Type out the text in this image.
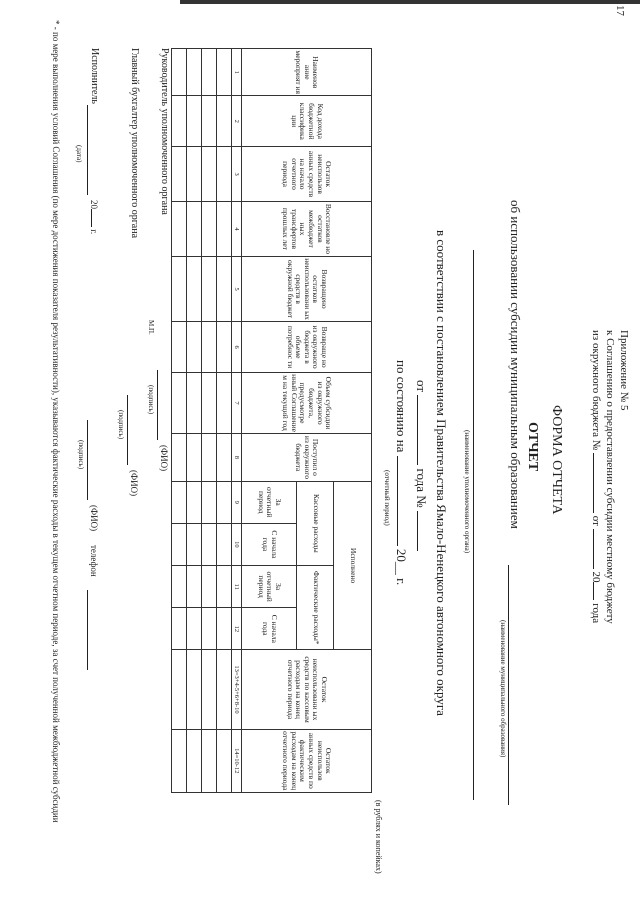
17
Приложение № 5
к Соглашению о предоставлении субсидии местному бюджету
из окружного бюджета №  от  20 года
ФОРМА ОТЧЕТА
ОТЧЕТ
об использовании субсидии муниципальным образованием
(наименование муниципального образования)
(наименование уполномоченного органа)
в соответствии с постановлением Правительства Ямало-Ненецкого автономного округа
от  года №
по состоянию на  20__ г.
(отчетный период)
(в рублях и копейках)
Наименов ание мероприят ия	Код дохода бюджетной классифика ции	Остаток неиспользов анных средств на начало отчетного периода	Восстановле но остатков межбюджет ных трансфертов прошлых лет	Возвращено остатков неиспользовани ых средств в окружной бюджет	Возвраще но из окружного бюджета в объеме потребнос ти	Объем субсидии из окружного бюджета, предусмотре нный Соглашение м на текущий год	Поступил о из окружного бюджета	Исполнено				Остаток неиспользовани ых средств по кассовым расходам на конец отчетного периода	Остаток неиспользов анных средств по фактическим расходам на конец отчетного периода
								Кассовые расходы		Фактические расходы*			
								За отчетный период	С начала года	За отчетный период	С начала года		
1	2	3	4	5	6	7	8	9	10	11	12	13=3+4-5+6+8-10	14=10-12

Руководитель уполномоченного органа
(подпись)
М.П.
(ФИО)
Главный бухгалтер уполномоченного органа
(подпись)
(ФИО)
Исполнитель
20 г.
(дата)
(подпись)
(ФИО)
телефон
* - по мере выполнения условий Соглашения (по мере достижения показателя результативности), указываются фактические расходы в текущем отчетном периоде, за счет полученной межбюджетной субсидии
